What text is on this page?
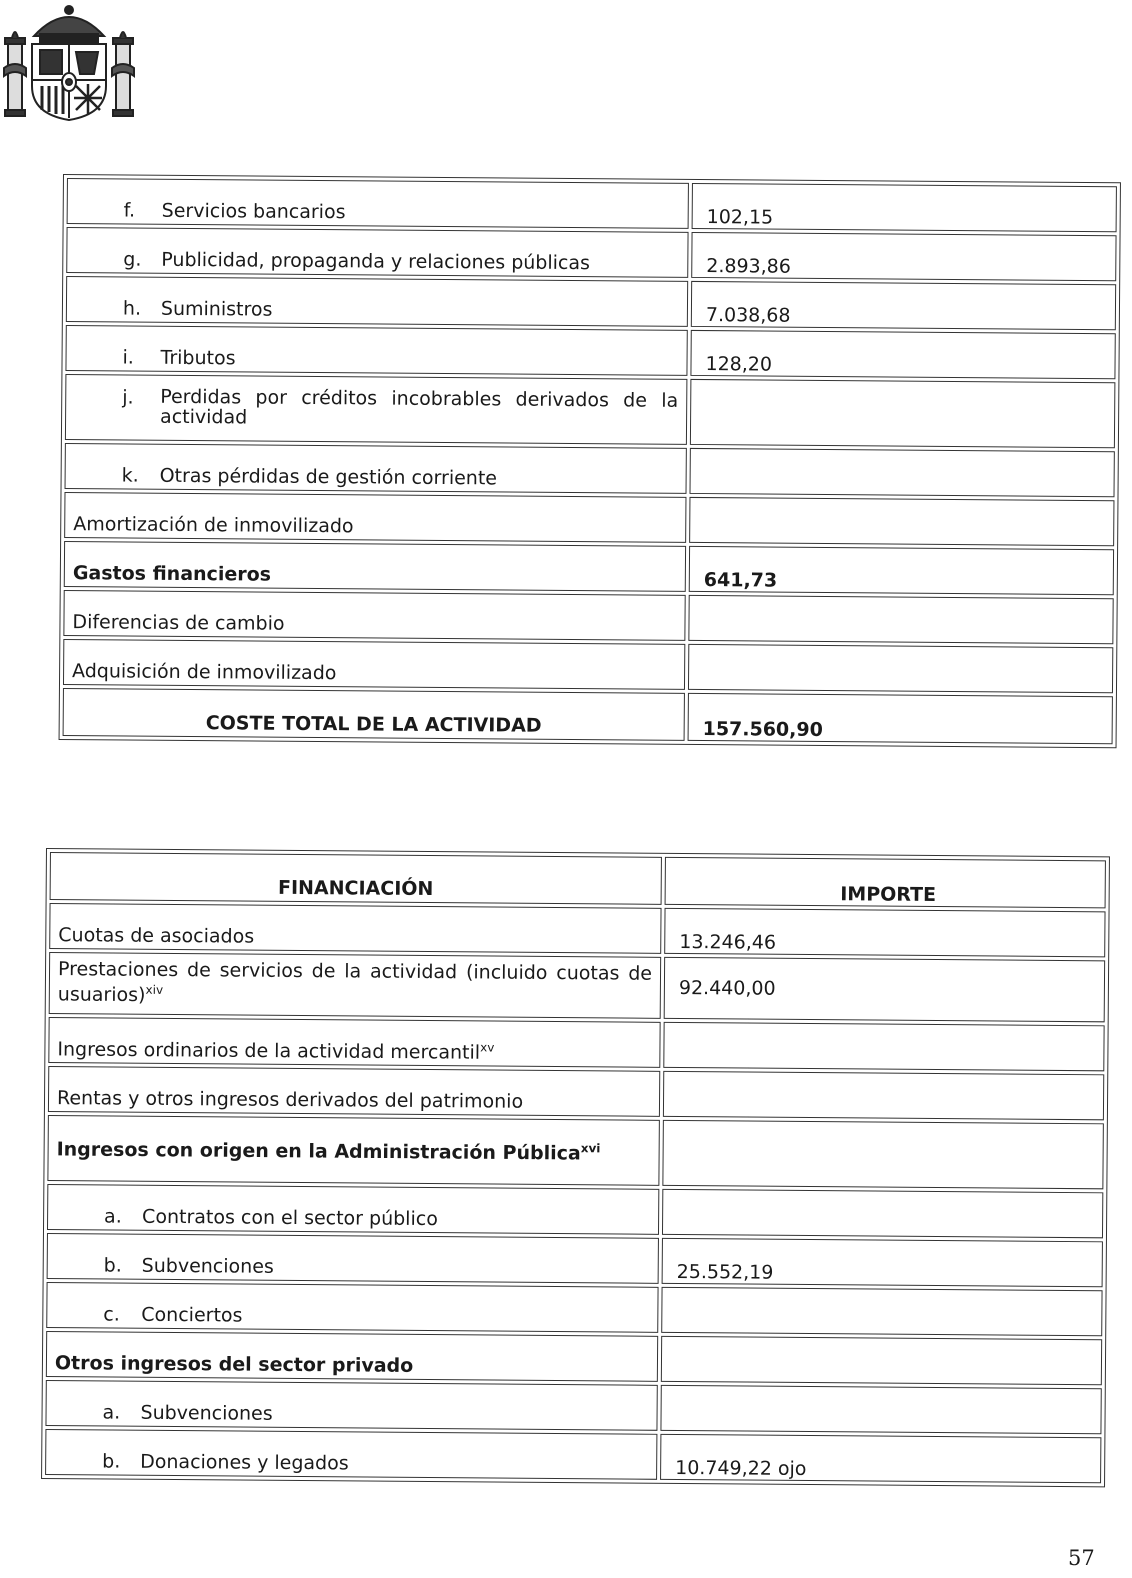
f. Servicios bancarios	102,15
g. Publicidad, propaganda y relaciones públicas	2.893,86
h. Suministros	7.038,68
i. Tributos	128,20

j. Perdidas por créditos incobrables derivados de la actividad	

k. Otras pérdidas de gestión corriente	
Amortización de inmovilizado	
Gastos financieros	641,73
Diferencias de cambio	
Adquisición de inmovilizado	
COSTE TOTAL DE LA ACTIVIDAD	157.560,90
FINANCIACIÓN	IMPORTE
Cuotas de asociados	13.246,46
Prestaciones de servicios de la actividad (incluido cuotas de usuarios)$^{xiv}$	92.440,00
Ingresos ordinarios de la actividad mercantil$^{xv}$	
Rentas y otros ingresos derivados del patrimonio	
Ingresos con origen en la Administración Pública$^{xvi}$	
a. Contratos con el sector público	
b. Subvenciones	25.552,19
c. Conciertos	
Otros ingresos del sector privado	
a. Subvenciones	
b. Donaciones y legados	10.749,22 ojo
57
